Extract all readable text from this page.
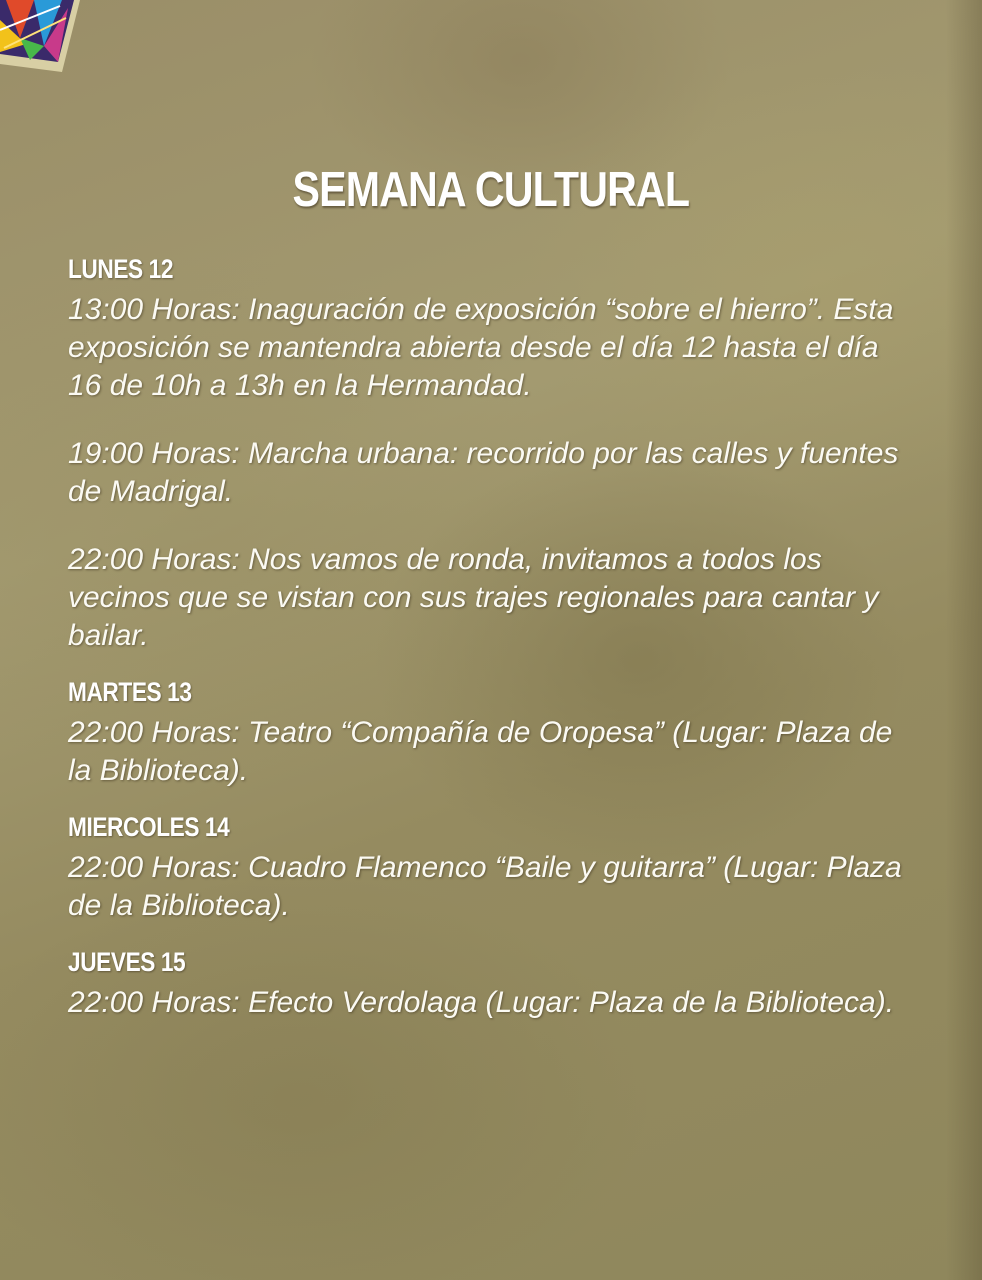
SEMANA CULTURAL
LUNES 12

13:00 Horas: Inaguración de exposición “sobre el hierro”. Esta exposición se mantendra abierta desde el día 12 hasta el día 16 de 10h a 13h en la Hermandad.

19:00 Horas: Marcha urbana: recorrido por las calles y fuentes de Madrigal.

22:00 Horas: Nos vamos de ronda, invitamos a todos los vecinos que se vistan con sus trajes regionales para cantar y bailar.

MARTES 13

22:00 Horas: Teatro “Compañía de Oropesa” (Lugar: Plaza de la Biblioteca).

MIERCOLES 14

22:00 Horas: Cuadro Flamenco “Baile y guitarra” (Lugar: Plaza de la Biblioteca).

JUEVES 15

22:00 Horas: Efecto Verdolaga (Lugar: Plaza de la Biblioteca).
